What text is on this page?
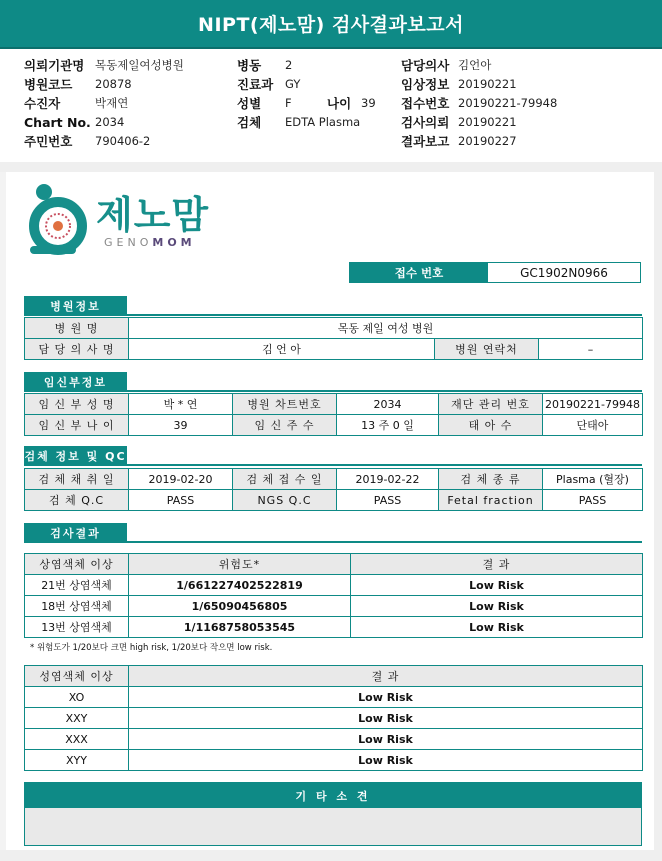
NIPT(제노맘) 검사결과보고서
의뢰기관명 목동제일여성병원
병원코드 20878
수진자	박재연
Chart No. 2034
주민번호 790406-2
병동 2
진료과 GY
성별 F	나이 39
검체 EDTA Plasma
담당의사 김언아
임상정보 20190221
접수번호 20190221-79948
검사의뢰 20190221
결과보고 20190227
제노맘
GENOMOM
접수 번호	GC1902N0966
병원정보
병 원 명	목동 제일 여성 병원		
담 당 의 사 명	김 언 아	병원 연락처	–
임신부정보
임 신 부 성 명	박 * 연	병원 차트번호	2034	재단 관리 번호	20190221-79948
임 신 부 나 이	39	임 신 주 수	13 주 0 일	태 아 수	단태아
검체 정보 및 QC
검 체 채 취 일	2019-02-20	검 체 접 수 일	2019-02-22	검 체 종 류	Plasma (혈장)
검 체 Q.C	PASS	NGS Q.C	PASS	Fetal fraction	PASS
검사결과
상염색체 이상	위험도*	결 과
21번 상염색체	1/661227402522819	Low Risk
18번 상염색체	1/65090456805	Low Risk
13번 상염색체	1/1168758053545	Low Risk
* 위험도가 1/20보다 크면 high risk, 1/20보다 작으면 low risk.
성염색체 이상	결 과
XO	Low Risk
XXY	Low Risk
XXX	Low Risk
XYY	Low Risk
기 타 소 견
